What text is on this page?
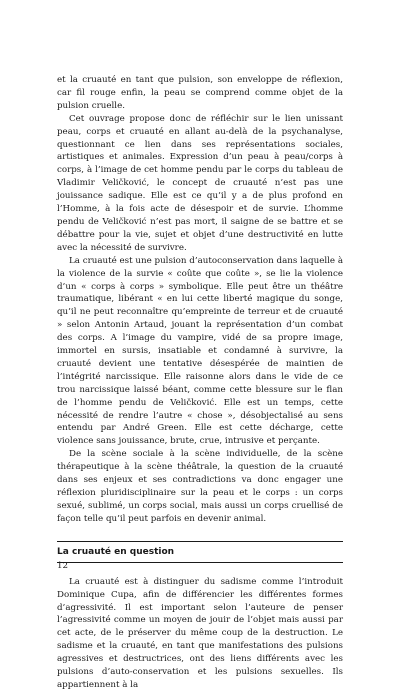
et la cruauté en tant que pulsion, son enveloppe de réflexion, car fil rouge enfin, la peau se comprend comme objet de la pulsion cruelle.

Cet ouvrage propose donc de réfléchir sur le lien unissant peau, corps et cruauté en allant au-delà de la psychanalyse, questionnant ce lien dans ses représentations sociales, artistiques et animales. Expression d’un peau à peau/corps à corps, à l’image de cet homme pendu par le corps du tableau de Vladimir Veličković, le concept de cruauté n’est pas une jouissance sadique. Elle est ce qu’il y a de plus profond en l’Homme, à la fois acte de désespoir et de survie. L’homme pendu de Veličković n’est pas mort, il saigne de se battre et se débattre pour la vie, sujet et objet d’une destructivité en lutte avec la nécessité de survivre.

La cruauté est une pulsion d’autoconservation dans laquelle à la violence de la survie « coûte que coûte », se lie la violence d’un « corps à corps » symbolique. Elle peut être un théâtre traumatique, libérant « en lui cette liberté magique du songe, qu’il ne peut reconnaître qu’empreinte de terreur et de cruauté » selon Antonin Artaud, jouant la représentation d’un combat des corps. A l’image du vampire, vidé de sa propre image, immortel en sursis, insatiable et condamné à survivre, la cruauté devient une tentative désespérée de maintien de l’intégrité narcissique. Elle raisonne alors dans le vide de ce trou narcissique laissé béant, comme cette blessure sur le flan de l’homme pendu de Veličković. Elle est un temps, cette nécessité de rendre l’autre « chose », désobjectalisé au sens entendu par André Green. Elle est cette décharge, cette violence sans jouissance, brute, crue, intrusive et perçante.

De la scène sociale à la scène individuelle, de la scène thérapeutique à la scène théâtrale, la question de la cruauté dans ses enjeux et ses contradictions va donc engager une réflexion pluridisciplinaire sur la peau et le corps : un corps sexué, sublimé, un corps social, mais aussi un corps cruellisé de façon telle qu’il peut parfois en devenir animal.

La cruauté en question

La cruauté est à distinguer du sadisme comme l’introduit Dominique Cupa, afin de différencier les différentes formes d’agressivité. Il est important selon l’auteure de penser l’agressivité comme un moyen de jouir de l’objet mais aussi par cet acte, de le préserver du même coup de la destruction. Le sadisme et la cruauté, en tant que manifestations des pulsions agressives et destructrices, ont des liens différents avec les pulsions d’auto-conservation et les pulsions sexuelles. Ils appartiennent à la

12
